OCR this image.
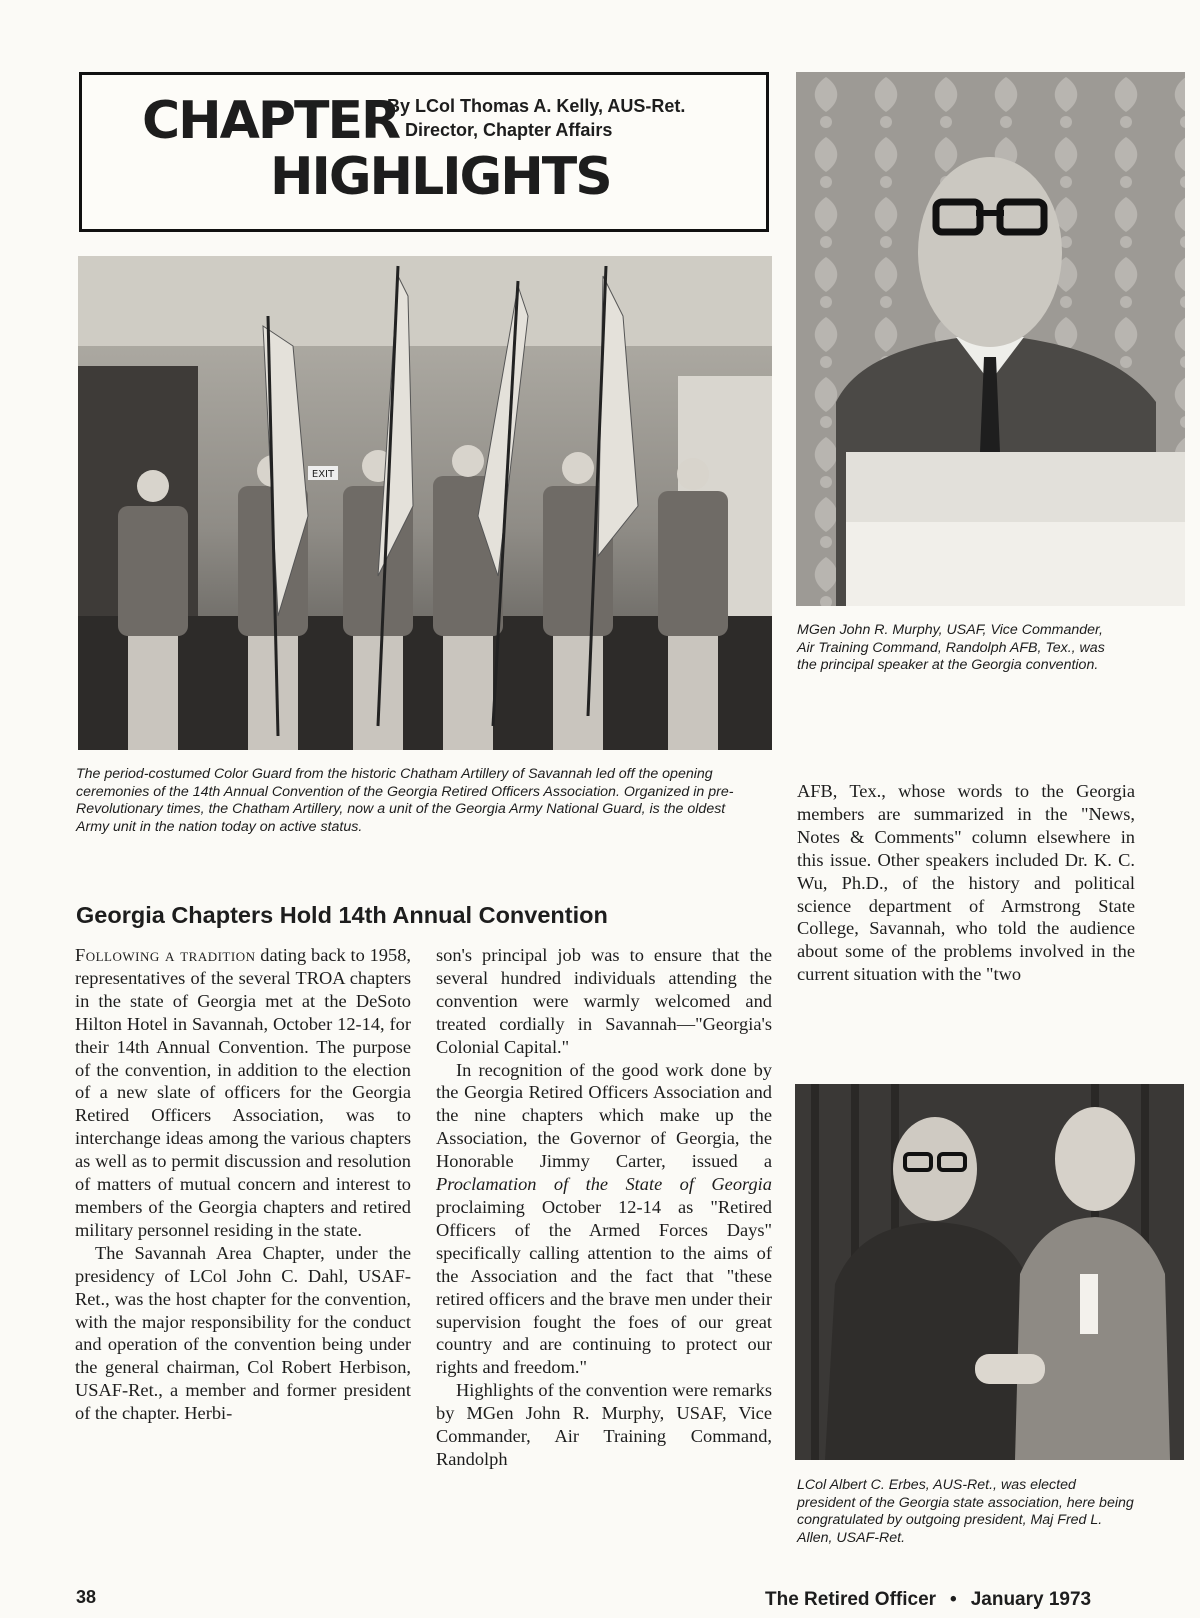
CHAPTER
HIGHLIGHTS
By LCol Thomas A. Kelly, AUS-Ret.
Director, Chapter Affairs
EXIT
The period-costumed Color Guard from the historic Chatham Artillery of Savannah led off the opening ceremonies of the 14th Annual Convention of the Georgia Retired Officers Association. Organized in pre-Revolutionary times, the Chatham Artillery, now a unit of the Georgia Army National Guard, is the oldest Army unit in the nation today on active status.
MGen John R. Murphy, USAF, Vice Commander, Air Training Command, Randolph AFB, Tex., was the principal speaker at the Georgia convention.
Georgia Chapters Hold 14th Annual Convention

Following a tradition dating back to 1958, representatives of the several TROA chapters in the state of Georgia met at the DeSoto Hilton Hotel in Savannah, October 12-14, for their 14th Annual Convention. The purpose of the convention, in addition to the election of a new slate of officers for the Georgia Retired Officers Association, was to interchange ideas among the various chapters as well as to permit discussion and resolution of matters of mutual concern and interest to members of the Georgia chapters and retired military personnel residing in the state.

The Savannah Area Chapter, under the presidency of LCol John C. Dahl, USAF-Ret., was the host chapter for the convention, with the major responsibility for the conduct and operation of the convention being under the general chairman, Col Robert Herbison, USAF-Ret., a member and former president of the chapter. Herbi-

son's principal job was to ensure that the several hundred individuals attending the convention were warmly welcomed and treated cordially in Savannah—"Georgia's Colonial Capital."

In recognition of the good work done by the Georgia Retired Officers Association and the nine chapters which make up the Association, the Governor of Georgia, the Honorable Jimmy Carter, issued a Proclamation of the State of Georgia proclaiming October 12-14 as "Retired Officers of the Armed Forces Days" specifically calling attention to the aims of the Association and the fact that "these retired officers and the brave men under their supervision fought the foes of our great country and are continuing to protect our rights and freedom."

Highlights of the convention were remarks by MGen John R. Murphy, USAF, Vice Commander, Air Training Command, Randolph

AFB, Tex., whose words to the Georgia members are summarized in the "News, Notes & Comments" column elsewhere in this issue. Other speakers included Dr. K. C. Wu, Ph.D., of the history and political science department of Armstrong State College, Savannah, who told the audience about some of the problems involved in the current situation with the "two

LCol Albert C. Erbes, AUS-Ret., was elected president of the Georgia state association, here being congratulated by outgoing president, Maj Fred L. Allen, USAF-Ret.
38	The Retired Officer • January 1973
